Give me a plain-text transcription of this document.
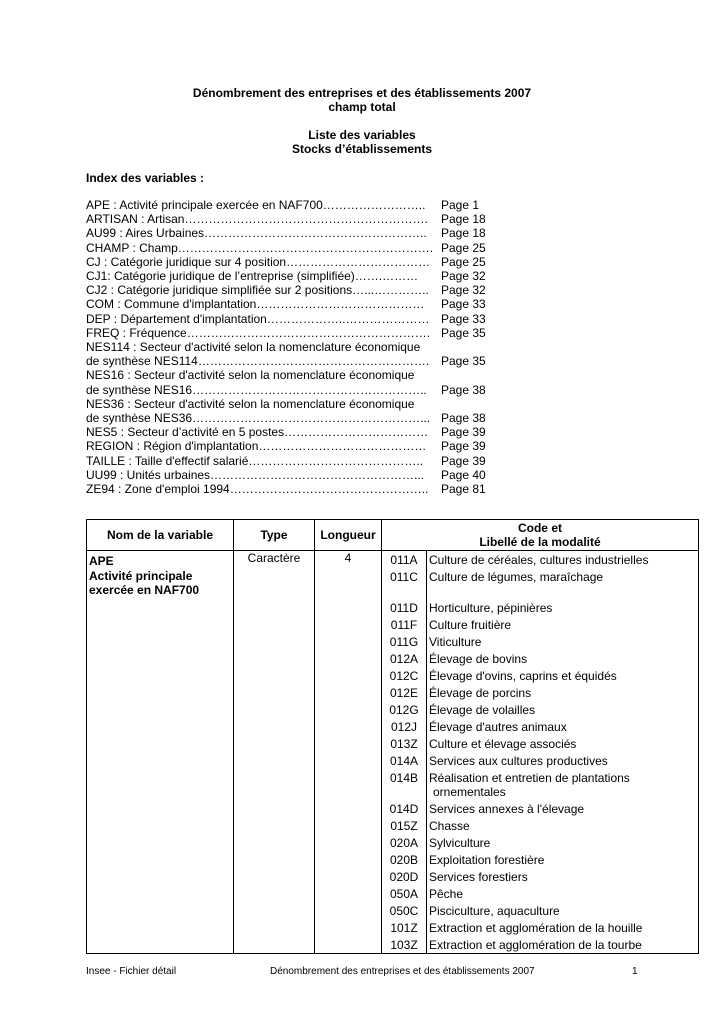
Dénombrement des entreprises et des établissements 2007
champ total
Liste des variables
Stocks d’établissements
Index des variables :
APE : Activité principale exercée en NAF700……………………..	Page 1
ARTISAN : Artisan…………………………………………………….	Page 18
AU99 : Aires Urbaines………………………………………………..	Page 18
CHAMP : Champ………………………………………………………. Page 25
CJ : Catégorie juridique sur 4 position……………………………… Page 25
CJ1: Catégorie juridique de l’entreprise (simplifiée)…….………	Page 32
CJ2 : Catégorie juridique simplifiée sur 2 positions…...…………..	Page 32
COM : Commune d'implantation……………………………………	Page 33
DEP : Département d'implantation………………..………………… Page 33
FREQ : Fréquence……………………………………………………. Page 35
NES114 : Secteur d'activité selon la nomenclature économique
de synthèse NES114…………………………………………………. Page 35
NES16 : Secteur d'activité selon la nomenclature économique
de synthèse NES16…………………………………………………..	Page 38
NES36 : Secteur d'activité selon la nomenclature économique
de synthèse NES36…………………………………………………... Page 38
NES5 : Secteur d’activité en 5 postes………………………………	Page 39
REGION : Région d'implantation……………………………………	Page 39
TAILLE : Taille d'effectif salarié……………………………………..	Page 39
UU99 : Unités urbaines……………………………………………...	Page 40
ZE94 : Zone d'emploi 1994…………………………………………..	Page 81
Nom de la variable	Type	Longueur	Code et
Libellé de la modalité

APE
Activité principale
exercée en NAF700
	Caractère	4		011A	Culture de céréales, cultures industrielles

011C	Culture de légumes, maraîchage

011D	Horticulture, pépinières

011F	Culture fruitière

011G	Viticulture

012A	Élevage de bovins

012C	Élevage d'ovins, caprins et équidés

012E	Élevage de porcins

012G	Élevage de volailles

012J	Élevage d'autres animaux

013Z	Culture et élevage associés

014A	Services aux cultures productives

014B	Réalisation et entretien de plantations
ornementales

014D	Services annexes à l'élevage

015Z	Chasse

020A	Sylviculture

020B	Exploitation forestière

020D	Services forestiers

050A	Pêche

050C	Pisciculture, aquaculture

101Z	Extraction et agglomération de la houille

103Z	Extraction et agglomération de la tourbe
Insee - Fichier détail	Dénombrement des entreprises et des établissements 2007	1
